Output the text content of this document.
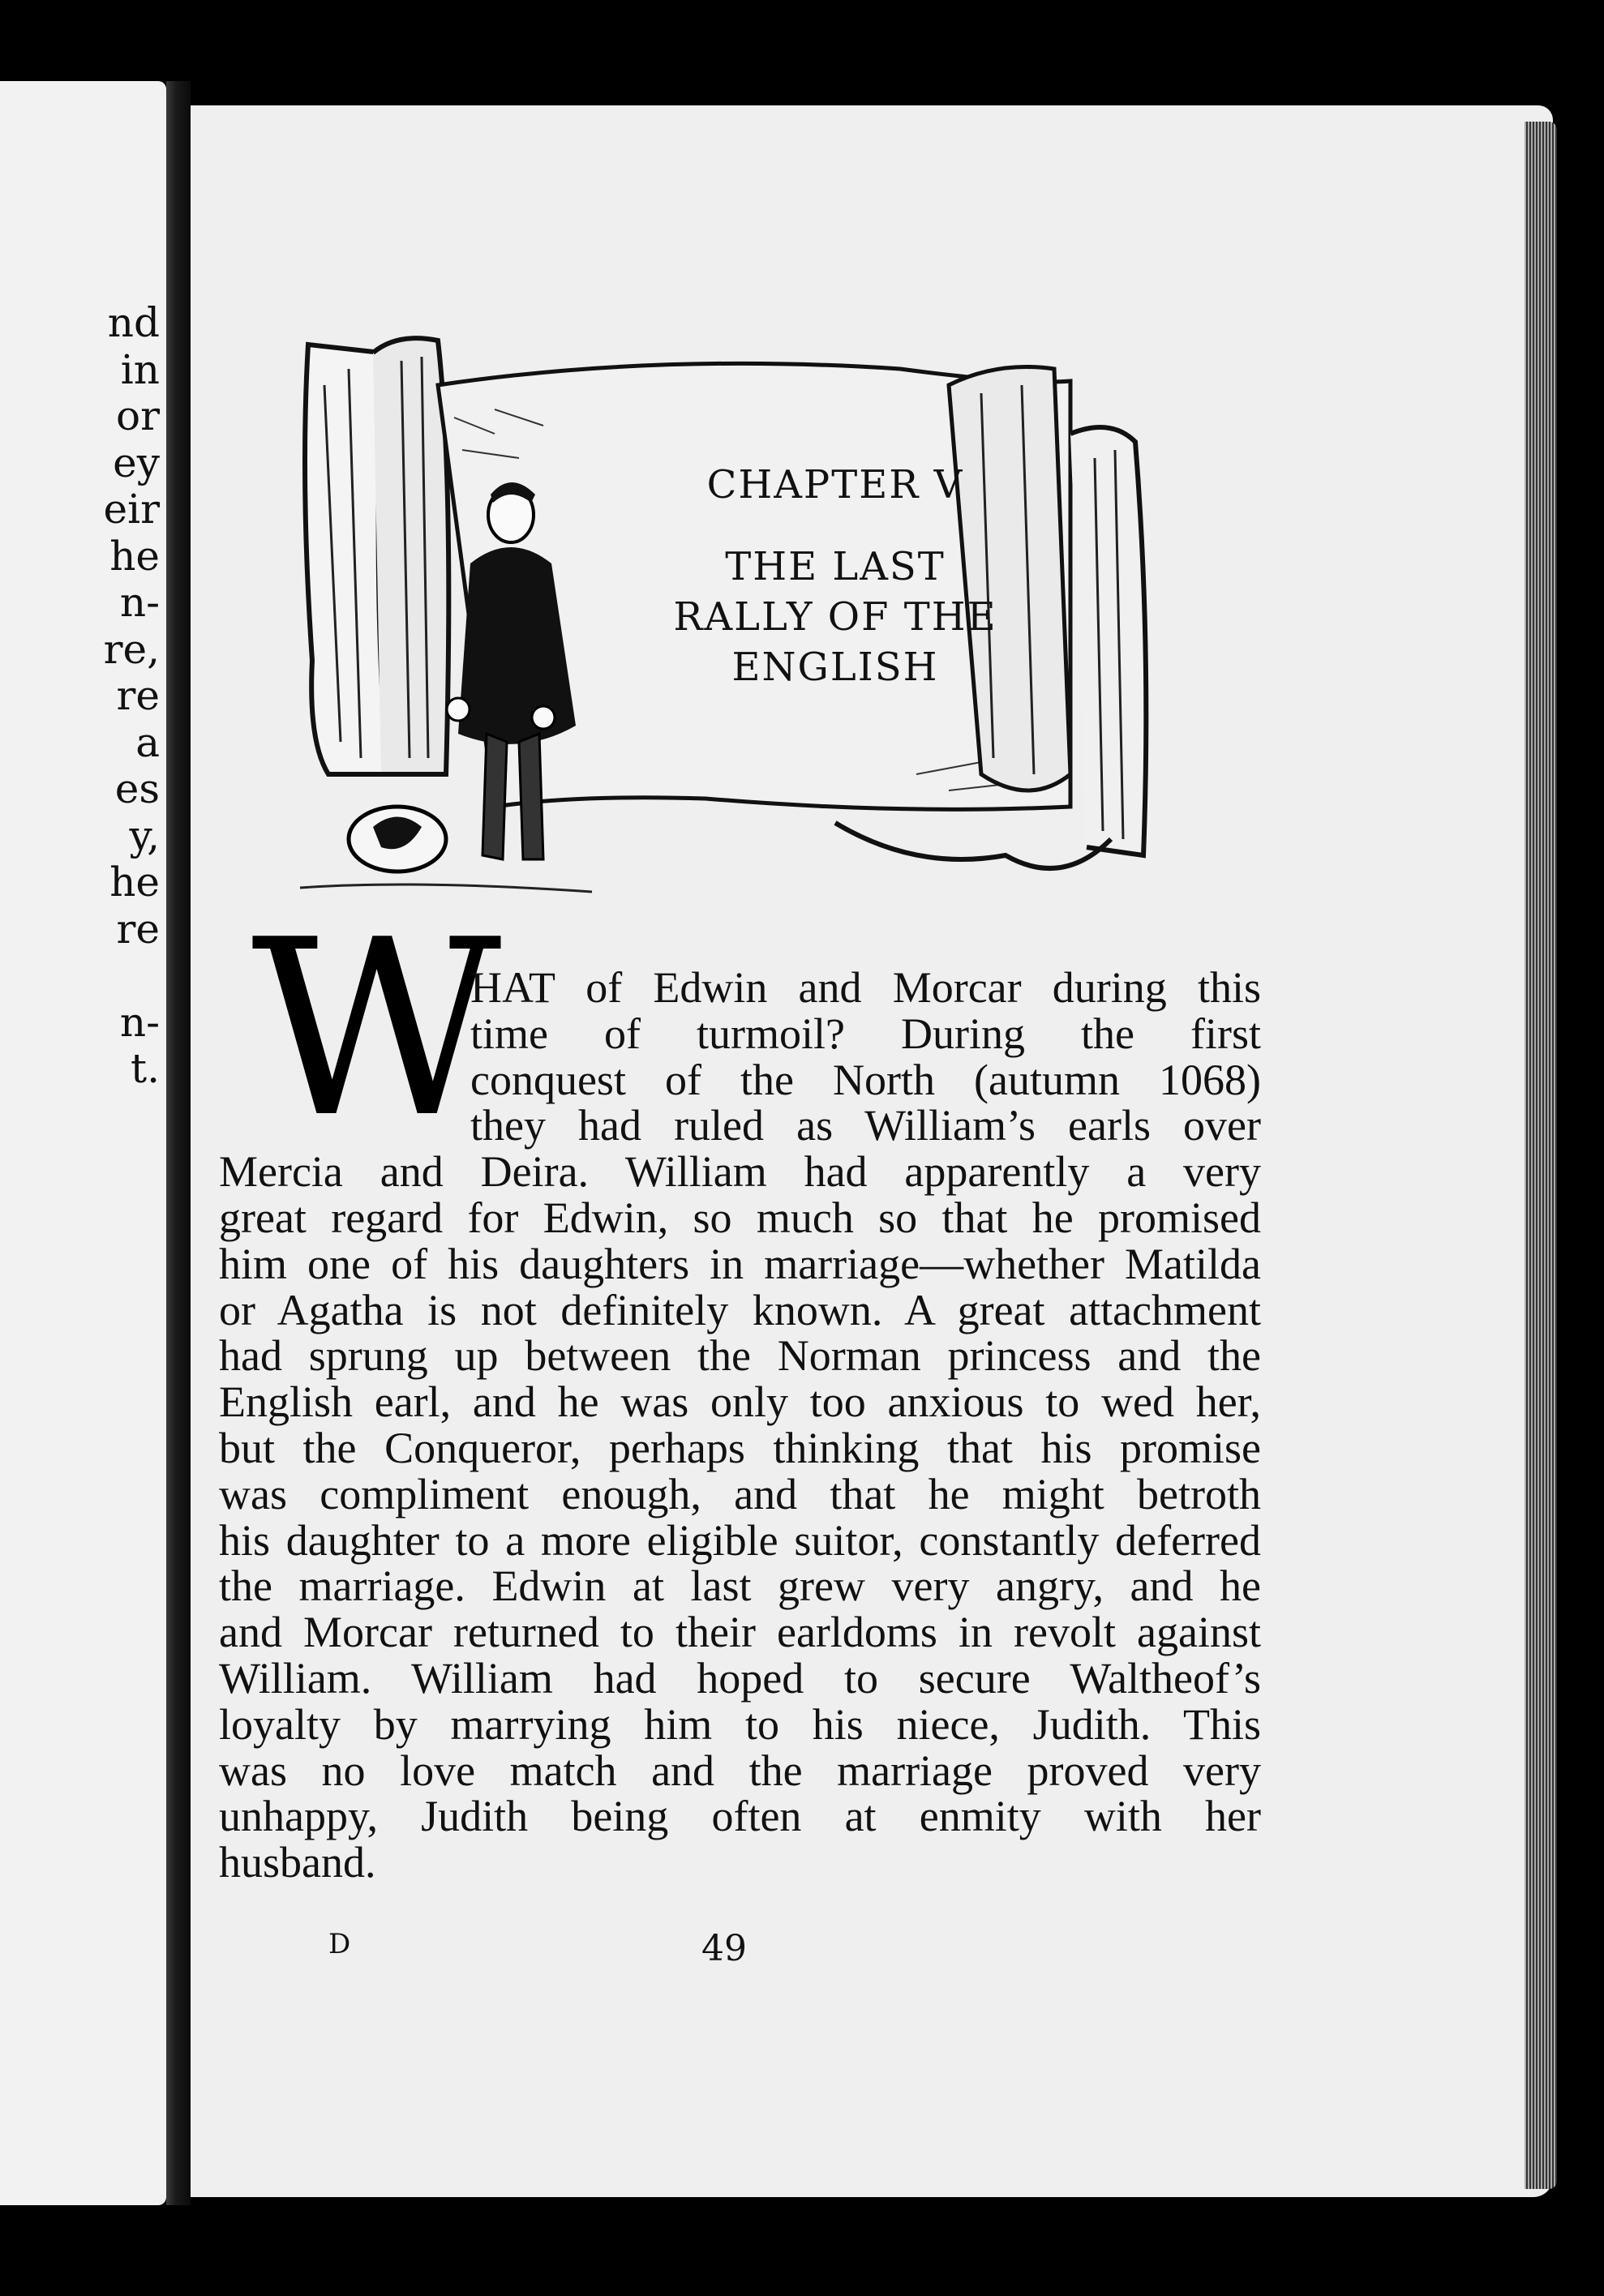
nd
in
or
ey
eir
he
n-
re,
re
a
es
y,
he
re

n-
t.
CHAPTER V
THE LAST
RALLY OF THE
ENGLISH
W
HAT of Edwin and Morcar during this
time of turmoil? During the first
conquest of the North (autumn 1068)
they had ruled as William’s earls over
Mercia and Deira. William had apparently a very
great regard for Edwin, so much so that he promised
him one of his daughters in marriage—whether Matilda
or Agatha is not definitely known. A great attachment
had sprung up between the Norman princess and the
English earl, and he was only too anxious to wed her,
but the Conqueror, perhaps thinking that his promise
was compliment enough, and that he might betroth
his daughter to a more eligible suitor, constantly deferred
the marriage. Edwin at last grew very angry, and he
and Morcar returned to their earldoms in revolt against
William. William had hoped to secure Waltheof’s
loyalty by marrying him to his niece, Judith. This
was no love match and the marriage proved very
unhappy, Judith being often at enmity with her
husband.
D	49
